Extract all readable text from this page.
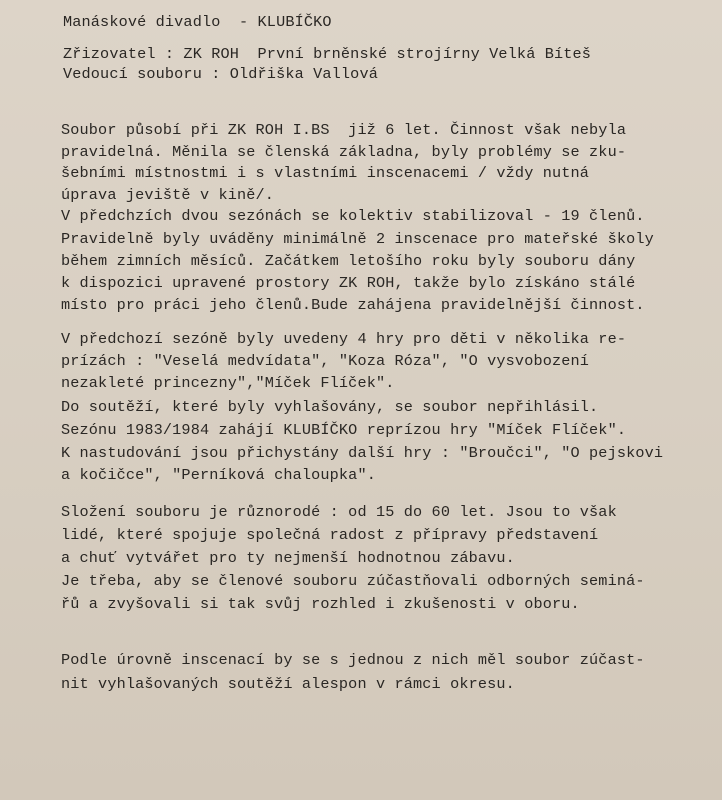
Manáskové divadlo  - KLUBÍČKO
Zřizovatel : ZK ROH  První brněnské strojírny Velká Bíteš
Vedoucí souboru : Oldřiška Vallová
Soubor působí při ZK ROH I.BS  již 6 let. Činnost však nebyla
pravidelná. Měnila se členská základna, byly problémy se zku-
šebními místnostmi i s vlastními inscenacemi / vždy nutná
úprava jeviště v kině/.
V předchzích dvou sezónách se kolektiv stabilizoval - 19 členů.
Pravidelně byly uváděny minimálně 2 inscenace pro mateřské školy
během zimních měsíců. Začátkem letošího roku byly souboru dány
k dispozici upravené prostory ZK ROH, takže bylo získáno stálé
místo pro práci jeho členů.Bude zahájena pravidelnější činnost.
V předchozí sezóně byly uvedeny 4 hry pro děti v několika re-
prízách : "Veselá medvídata", "Koza Róza", "O vysvobození
nezakleté princezny","Míček Flíček".
Do soutěží, které byly vyhlašovány, se soubor nepřihlásil.
Sezónu 1983/1984 zahájí KLUBÍČKO reprízou hry "Míček Flíček".
K nastudování jsou přichystány další hry : "Broučci", "O pejskovi
a kočičce", "Perníková chaloupka".
Složení souboru je různorodé : od 15 do 60 let. Jsou to však
lidé, které spojuje společná radost z přípravy představení
a chuť vytvářet pro ty nejmenší hodnotnou zábavu.
Je třeba, aby se členové souboru zúčastňovali odborných seminá-
řů a zvyšovali si tak svůj rozhled i zkušenosti v oboru.
Podle úrovně inscenací by se s jednou z nich měl soubor zúčast-
nit vyhlašovaných soutěží alespon v rámci okresu.
